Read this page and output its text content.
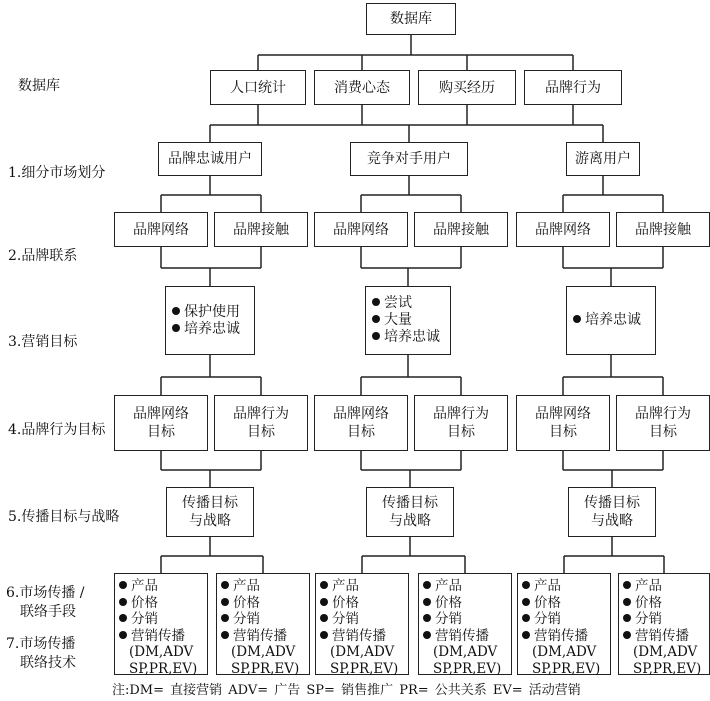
数据库
1.细分市场划分
2.品牌联系
3.营销目标
4.品牌行为目标
5.传播目标与战略
6.市场传播 /
联络手段
7.市场传播
联络技术
数据库
人口统计	消费心态	购买经历	品牌行为
品牌忠诚用户	竞争对手用户	游离用户
品牌网络	品牌接触	品牌网络	品牌接触	品牌网络	品牌接触
保护使用
培养忠诚
尝试
大量
培养忠诚
培养忠诚
品牌网络
目标
品牌行为
目标
品牌网络
目标
品牌行为
目标
品牌网络
目标
品牌行为
目标
传播目标
与战略
传播目标
与战略
传播目标
与战略
产品
价格
分销
营销传播
(DM,ADV
SP,PR,EV)
产品
价格
分销
营销传播
(DM,ADV
SP,PR,EV)
产品
价格
分销
营销传播
(DM,ADV
SP,PR,EV)
产品
价格
分销
营销传播
(DM,ADV
SP,PR,EV)
产品
价格
分销
营销传播
(DM,ADV
SP,PR,EV)
产品
价格
分销
营销传播
(DM,ADV
SP,PR,EV)
注:DM= 直接营销 ADV= 广告 SP= 销售推广 PR= 公共关系 EV= 活动营销
